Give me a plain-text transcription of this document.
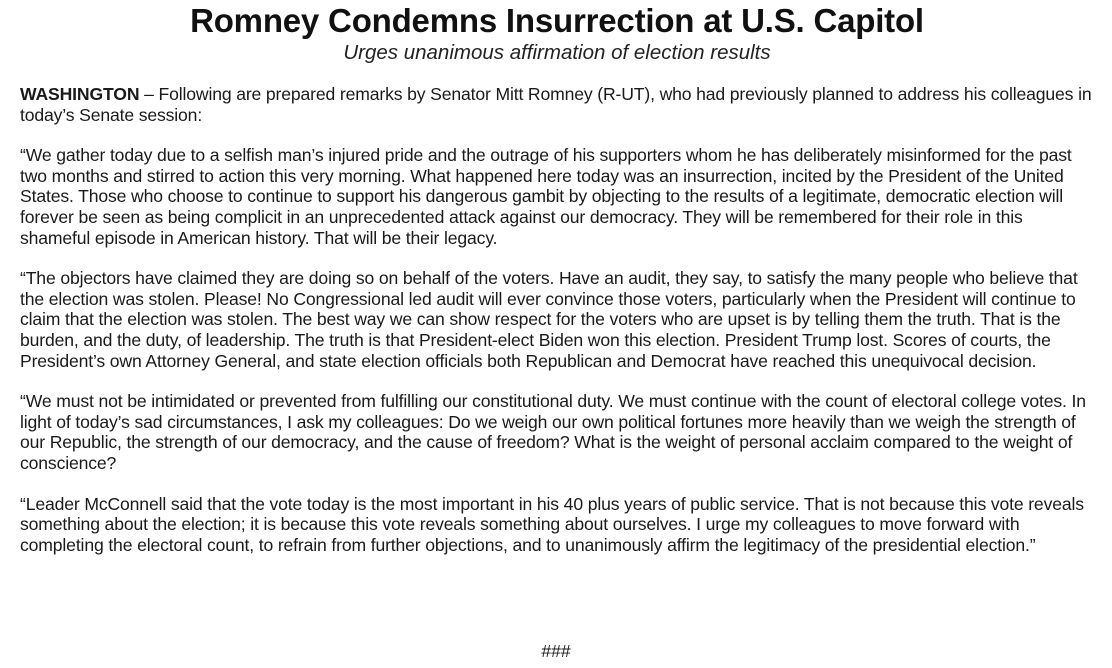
Romney Condemns Insurrection at U.S. Capitol

Urges unanimous affirmation of election results

WASHINGTON – Following are prepared remarks by Senator Mitt Romney (R-UT), who had previously planned to address his colleagues in today’s Senate session:

“We gather today due to a selfish man’s injured pride and the outrage of his supporters whom he has deliberately misinformed for the past two months and stirred to action this very morning. What happened here today was an insurrection, incited by the President of the United States. Those who choose to continue to support his dangerous gambit by objecting to the results of a legitimate, democratic election will forever be seen as being complicit in an unprecedented attack against our democracy. They will be remembered for their role in this shameful episode in American history. That will be their legacy.

“The objectors have claimed they are doing so on behalf of the voters. Have an audit, they say, to satisfy the many people who believe that the election was stolen. Please! No Congressional led audit will ever convince those voters, particularly when the President will continue to claim that the election was stolen. The best way we can show respect for the voters who are upset is by telling them the truth. That is the burden, and the duty, of leadership. The truth is that President-elect Biden won this election. President Trump lost. Scores of courts, the President’s own Attorney General, and state election officials both Republican and Democrat have reached this unequivocal decision.

“We must not be intimidated or prevented from fulfilling our constitutional duty. We must continue with the count of electoral college votes. In light of today’s sad circumstances, I ask my colleagues: Do we weigh our own political fortunes more heavily than we weigh the strength of our Republic, the strength of our democracy, and the cause of freedom? What is the weight of personal acclaim compared to the weight of conscience?

“Leader McConnell said that the vote today is the most important in his 40 plus years of public service. That is not because this vote reveals something about the election; it is because this vote reveals something about ourselves. I urge my colleagues to move forward with completing the electoral count, to refrain from further objections, and to unanimously affirm the legitimacy of the presidential election.”

###
